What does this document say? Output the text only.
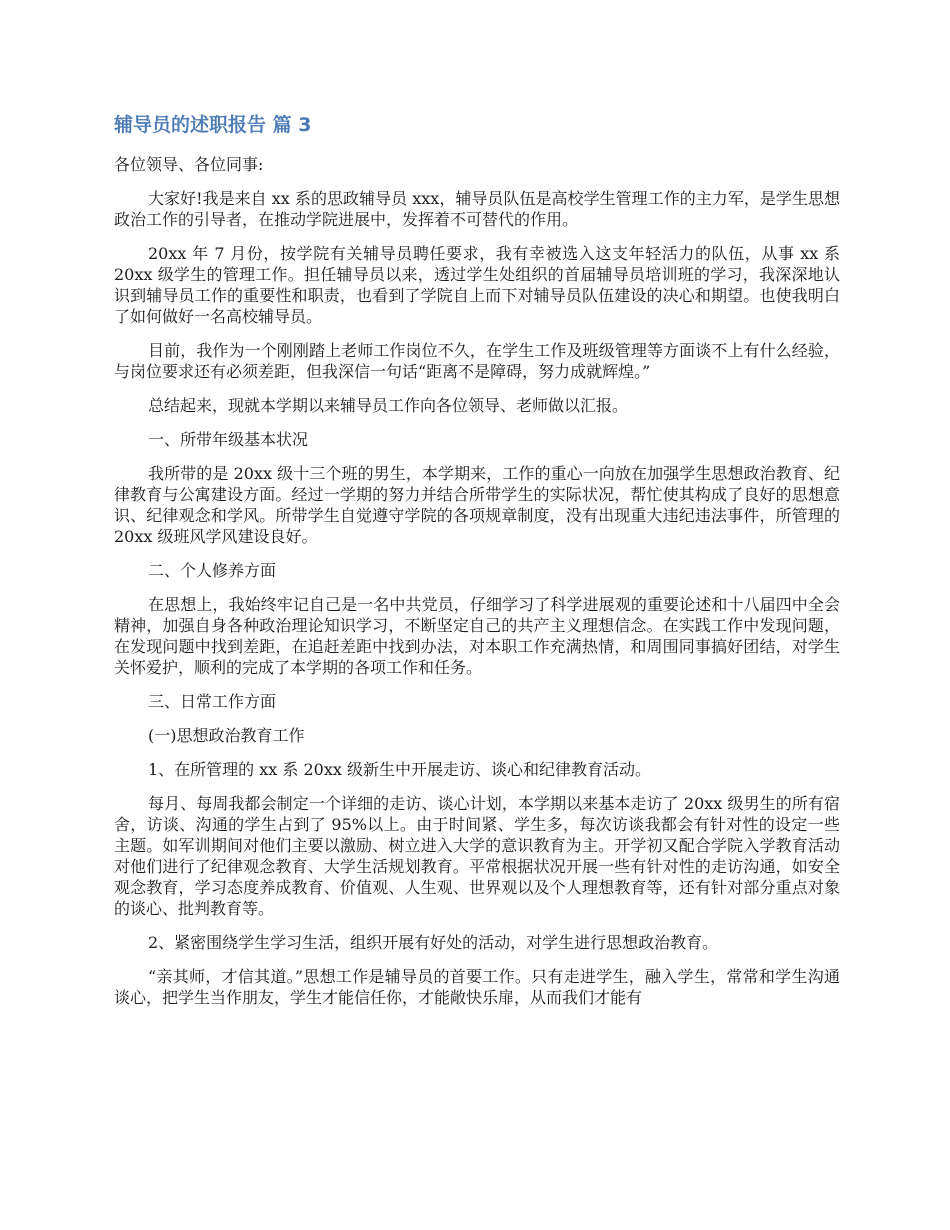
辅导员的述职报告 篇 3

各位领导、各位同事:

大家好!我是来自 xx 系的思政辅导员 xxx，辅导员队伍是高校学生管理工作的主力军，是学生思想政治工作的引导者，在推动学院进展中，发挥着不可替代的作用。

20xx 年 7 月份，按学院有关辅导员聘任要求，我有幸被选入这支年轻活力的队伍，从事 xx 系 20xx 级学生的管理工作。担任辅导员以来，透过学生处组织的首届辅导员培训班的学习，我深深地认识到辅导员工作的重要性和职责，也看到了学院自上而下对辅导员队伍建设的决心和期望。也使我明白了如何做好一名高校辅导员。

目前，我作为一个刚刚踏上老师工作岗位不久，在学生工作及班级管理等方面谈不上有什么经验，与岗位要求还有必须差距，但我深信一句话“距离不是障碍，努力成就辉煌。”

总结起来，现就本学期以来辅导员工作向各位领导、老师做以汇报。

一、所带年级基本状况

我所带的是 20xx 级十三个班的男生，本学期来，工作的重心一向放在加强学生思想政治教育、纪律教育与公寓建设方面。经过一学期的努力并结合所带学生的实际状况，帮忙使其构成了良好的思想意识、纪律观念和学风。所带学生自觉遵守学院的各项规章制度，没有出现重大违纪违法事件，所管理的 20xx 级班风学风建设良好。

二、个人修养方面

在思想上，我始终牢记自己是一名中共党员，仔细学习了科学进展观的重要论述和十八届四中全会精神，加强自身各种政治理论知识学习，不断坚定自己的共产主义理想信念。在实践工作中发现问题，在发现问题中找到差距，在追赶差距中找到办法，对本职工作充满热情，和周围同事搞好团结，对学生关怀爱护，顺利的完成了本学期的各项工作和任务。

三、日常工作方面

(一)思想政治教育工作

1、在所管理的 xx 系 20xx 级新生中开展走访、谈心和纪律教育活动。

每月、每周我都会制定一个详细的走访、谈心计划，本学期以来基本走访了 20xx 级男生的所有宿舍，访谈、沟通的学生占到了 95%以上。由于时间紧、学生多，每次访谈我都会有针对性的设定一些主题。如军训期间对他们主要以激励、树立进入大学的意识教育为主。开学初又配合学院入学教育活动对他们进行了纪律观念教育、大学生活规划教育。平常根据状况开展一些有针对性的走访沟通，如安全观念教育，学习态度养成教育、价值观、人生观、世界观以及个人理想教育等，还有针对部分重点对象的谈心、批判教育等。

2、紧密围绕学生学习生活，组织开展有好处的活动，对学生进行思想政治教育。

“亲其师，才信其道。”思想工作是辅导员的首要工作。只有走进学生，融入学生，常常和学生沟通谈心，把学生当作朋友，学生才能信任你，才能敞快乐扉，从而我们才能有
